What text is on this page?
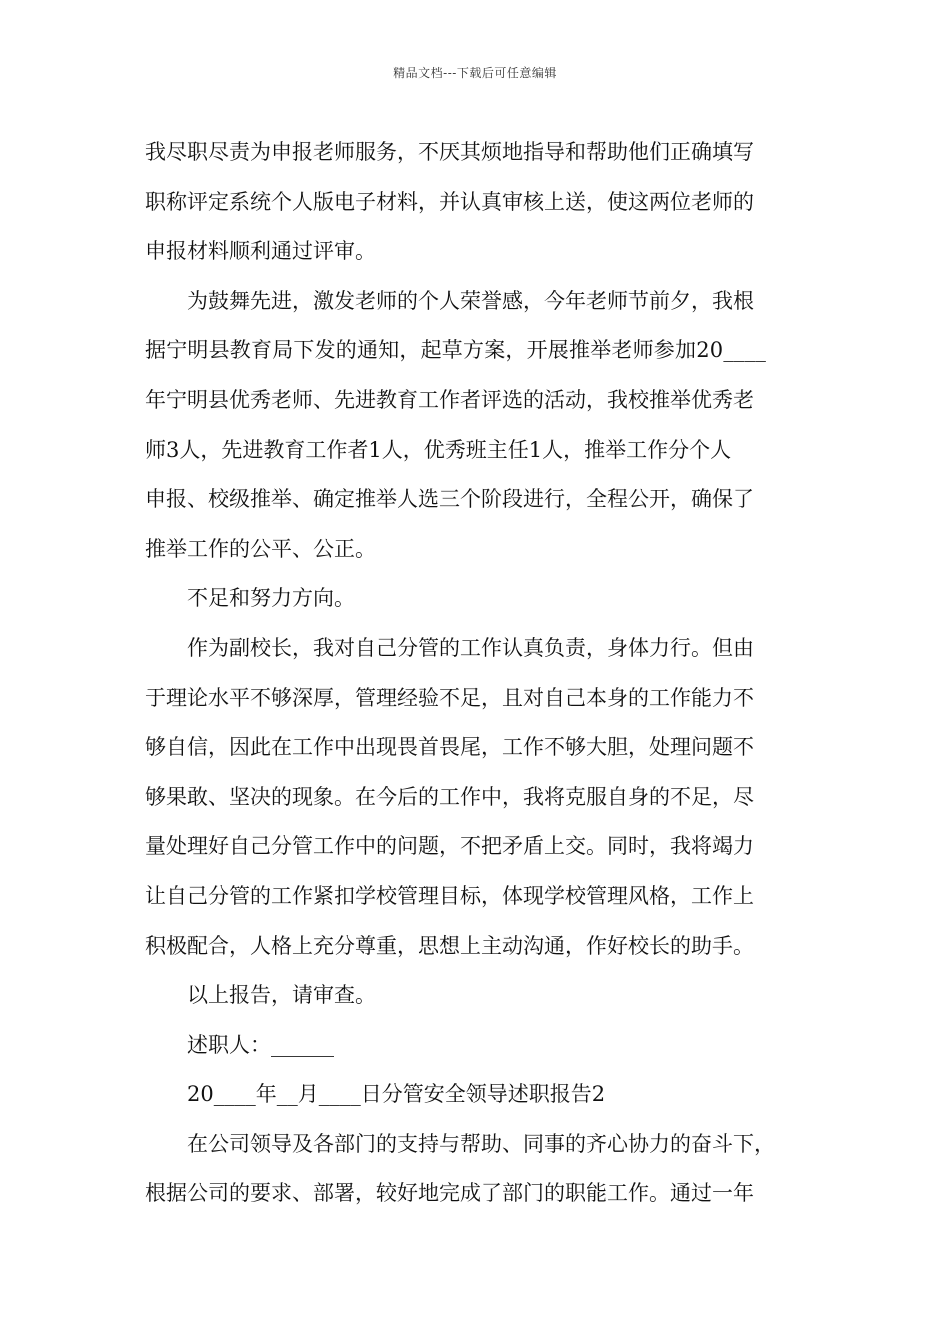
精品文档---下载后可任意编辑
我尽职尽责为申报老师服务，不厌其烦地指导和帮助他们正确填写
职称评定系统个人版电子材料，并认真审核上送，使这两位老师的
申报材料顺利通过评审。
为鼓舞先进，激发老师的个人荣誉感，今年老师节前夕，我根
据宁明县教育局下发的通知，起草方案，开展推举老师参加20____
年宁明县优秀老师、先进教育工作者评选的活动，我校推举优秀老
师3人，先进教育工作者1人，优秀班主任1人，推举工作分个人
申报、校级推举、确定推举人选三个阶段进行，全程公开，确保了
推举工作的公平、公正。
不足和努力方向。
作为副校长，我对自己分管的工作认真负责，身体力行。但由
于理论水平不够深厚，管理经验不足，且对自己本身的工作能力不
够自信，因此在工作中出现畏首畏尾，工作不够大胆，处理问题不
够果敢、坚决的现象。在今后的工作中，我将克服自身的不足，尽
量处理好自己分管工作中的问题，不把矛盾上交。同时，我将竭力
让自己分管的工作紧扣学校管理目标，体现学校管理风格，工作上
积极配合，人格上充分尊重，思想上主动沟通，作好校长的助手。
以上报告，请审查。
述职人：______
20____年__月____日分管安全领导述职报告2
在公司领导及各部门的支持与帮助、同事的齐心协力的奋斗下，
根据公司的要求、部署，较好地完成了部门的职能工作。通过一年
